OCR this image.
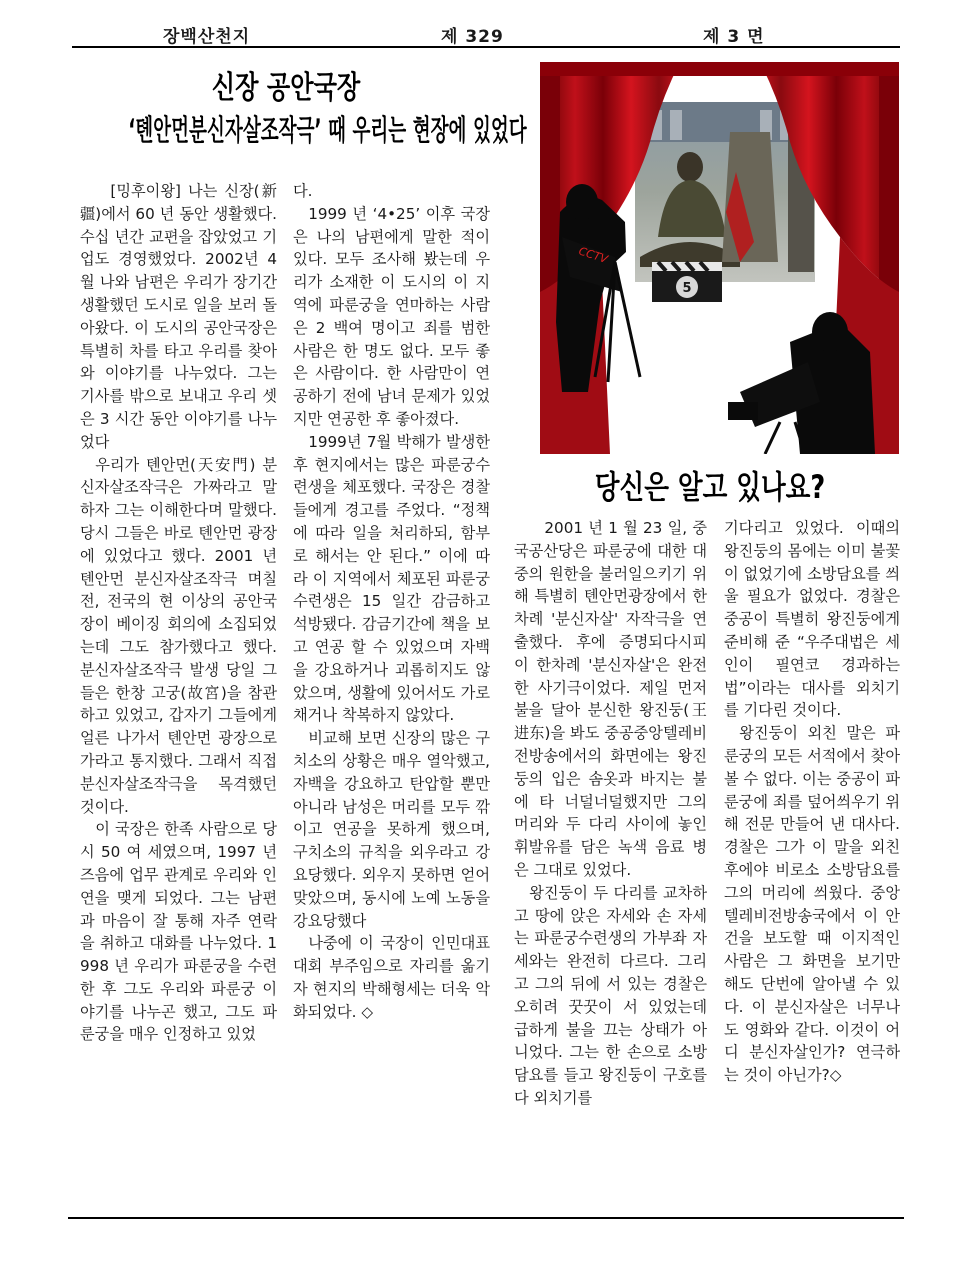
장백산천지	제 329	제 3 면
신장 공안국장
‘톈안먼분신자살조작극’ 때 우리는 현장에 있었다

[밍후이왕] 나는 신장(新疆)에서 60 년 동안 생활했다. 수십 년간 교편을 잡았었고 기업도 경영했었다. 2002년 4월 나와 남편은 우리가 장기간 생활했던 도시로 일을 보러 돌아왔다. 이 도시의 공안국장은 특별히 차를 타고 우리를 찾아와 이야기를 나누었다. 그는 기사를 밖으로 보내고 우리 셋은 3 시간 동안 이야기를 나누었다

우리가 톈안먼(天安門) 분신자살조작극은 가짜라고 말하자 그는 이해한다며 말했다. 당시 그들은 바로 톈안먼 광장에 있었다고 했다. 2001 년 톈안먼 분신자살조작극 며칠 전, 전국의 현 이상의 공안국장이 베이징 회의에 소집되었는데 그도 참가했다고 했다. 분신자살조작극 발생 당일 그들은 한창 고궁(故宮)을 참관하고 있었고, 갑자기 그들에게 얼른 나가서 톈안먼 광장으로 가라고 통지했다. 그래서 직접 분신자살조작극을 목격했던 것이다.

이 국장은 한족 사람으로 당시 50 여 세였으며, 1997 년 즈음에 업무 관계로 우리와 인연을 맺게 되었다. 그는 남편과 마음이 잘 통해 자주 연락을 취하고 대화를 나누었다. 1998 년 우리가 파룬궁을 수련한 후 그도 우리와 파룬궁 이야기를 나누곤 했고, 그도 파룬궁을 매우 인정하고 있었

다.

1999 년 ‘4•25’ 이후 국장은 나의 남편에게 말한 적이 있다. 모두 조사해 봤는데 우리가 소재한 이 도시의 이 지역에 파룬궁을 연마하는 사람은 2 백여 명이고 죄를 범한 사람은 한 명도 없다. 모두 좋은 사람이다. 한 사람만이 연공하기 전에 남녀 문제가 있었지만 연공한 후 좋아졌다.

1999년 7월 박해가 발생한 후 현지에서는 많은 파룬궁수련생을 체포했다. 국장은 경찰들에게 경고를 주었다. “정책에 따라 일을 처리하되, 함부로 해서는 안 된다.” 이에 따라 이 지역에서 체포된 파룬궁수련생은 15 일간 감금하고 석방됐다. 감금기간에 책을 보고 연공 할 수 있었으며 자백을 강요하거나 괴롭히지도 않았으며, 생활에 있어서도 가로채거나 착복하지 않았다.

비교해 보면 신장의 많은 구치소의 상황은 매우 열악했고, 자백을 강요하고 탄압할 뿐만 아니라 남성은 머리를 모두 깎이고 연공을 못하게 했으며, 구치소의 규칙을 외우라고 강요당했다. 외우지 못하면 얻어맞았으며, 동시에 노예 노동을 강요당했다

나중에 이 국장이 인민대표대회 부주임으로 자리를 옮기자 현지의 박해형세는 더욱 악화되었다. ◇

5
CCTV
당신은 알고 있나요?

2001 년 1 월 23 일, 중국공산당은 파룬궁에 대한 대중의 원한을 불러일으키기 위해 특별히 톈안먼광장에서 한차례 '분신자살' 자작극을 연출했다. 후에 증명되다시피 이 한차례 '분신자살'은 완전한 사기극이었다. 제일 먼저 불을 달아 분신한 왕진둥(王进东)을 봐도 중공중앙텔레비전방송에서의 화면에는 왕진둥의 입은 솜옷과 바지는 불에 타 너덜너덜했지만 그의 머리와 두 다리 사이에 놓인 휘발유를 담은 녹색 음료 병은 그대로 있었다.

왕진둥이 두 다리를 교차하고 땅에 앉은 자세와 손 자세는 파룬궁수련생의 가부좌 자세와는 완전히 다르다. 그리고 그의 뒤에 서 있는 경찰은 오히려 꿋꿋이 서 있었는데 급하게 불을 끄는 상태가 아니었다. 그는 한 손으로 소방담요를 들고 왕진둥이 구호를 다 외치기를

기다리고 있었다. 이때의 왕진둥의 몸에는 이미 불꽃이 없었기에 소방담요를 씌울 필요가 없었다. 경찰은 중공이 특별히 왕진둥에게 준비해 준 “우주대법은 세인이 필연코 경과하는 법”이라는 대사를 외치기를 기다린 것이다.

왕진둥이 외친 말은 파룬궁의 모든 서적에서 찾아 볼 수 없다. 이는 중공이 파룬궁에 죄를 덮어씌우기 위해 전문 만들어 낸 대사다. 경찰은 그가 이 말을 외친 후에야 비로소 소방담요를 그의 머리에 씌웠다. 중앙텔레비전방송국에서 이 안건을 보도할 때 이지적인 사람은 그 화면을 보기만 해도 단번에 알아낼 수 있다. 이 분신자살은 너무나도 영화와 같다. 이것이 어디 분신자살인가? 연극하는 것이 아닌가?◇
